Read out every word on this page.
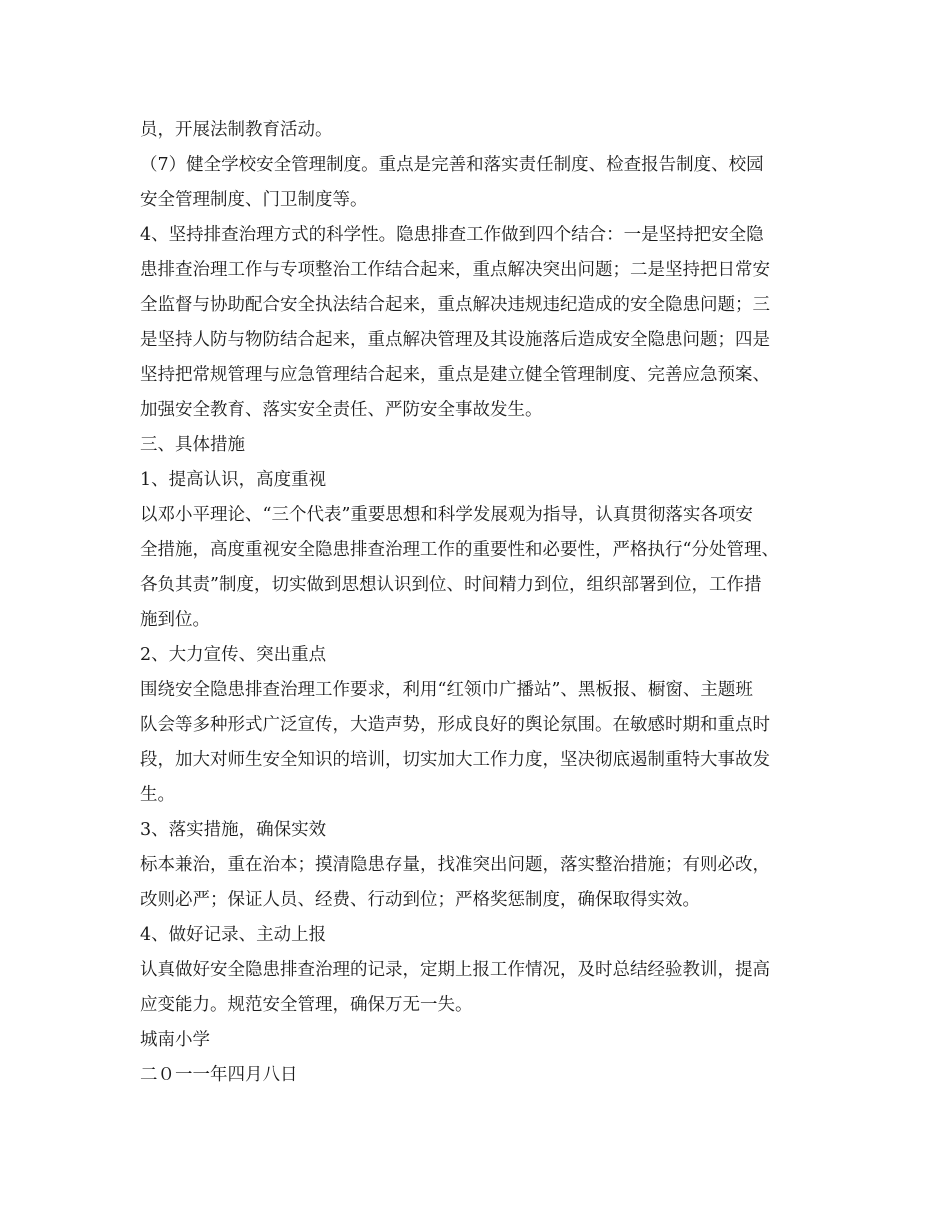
员，开展法制教育活动。
（7）健全学校安全管理制度。重点是完善和落实责任制度、检查报告制度、校园
安全管理制度、门卫制度等。
4、坚持排查治理方式的科学性。隐患排查工作做到四个结合：一是坚持把安全隐
患排查治理工作与专项整治工作结合起来，重点解决突出问题；二是坚持把日常安
全监督与协助配合安全执法结合起来，重点解决违规违纪造成的安全隐患问题；三
是坚持人防与物防结合起来，重点解决管理及其设施落后造成安全隐患问题；四是
坚持把常规管理与应急管理结合起来，重点是建立健全管理制度、完善应急预案、
加强安全教育、落实安全责任、严防安全事故发生。
三、具体措施
1、提高认识，高度重视
以邓小平理论、“三个代表”重要思想和科学发展观为指导，认真贯彻落实各项安
全措施，高度重视安全隐患排查治理工作的重要性和必要性，严格执行“分处管理、
各负其责”制度，切实做到思想认识到位、时间精力到位，组织部署到位，工作措
施到位。
2、大力宣传、突出重点
围绕安全隐患排查治理工作要求，利用“红领巾广播站”、黑板报、橱窗、主题班
队会等多种形式广泛宣传，大造声势，形成良好的舆论氛围。在敏感时期和重点时
段，加大对师生安全知识的培训，切实加大工作力度，坚决彻底遏制重特大事故发
生。
3、落实措施，确保实效
标本兼治，重在治本；摸清隐患存量，找准突出问题，落实整治措施；有则必改，
改则必严；保证人员、经费、行动到位；严格奖惩制度，确保取得实效。
4、做好记录、主动上报
认真做好安全隐患排查治理的记录，定期上报工作情况，及时总结经验教训，提高
应变能力。规范安全管理，确保万无一失。
城南小学
二０一一年四月八日
